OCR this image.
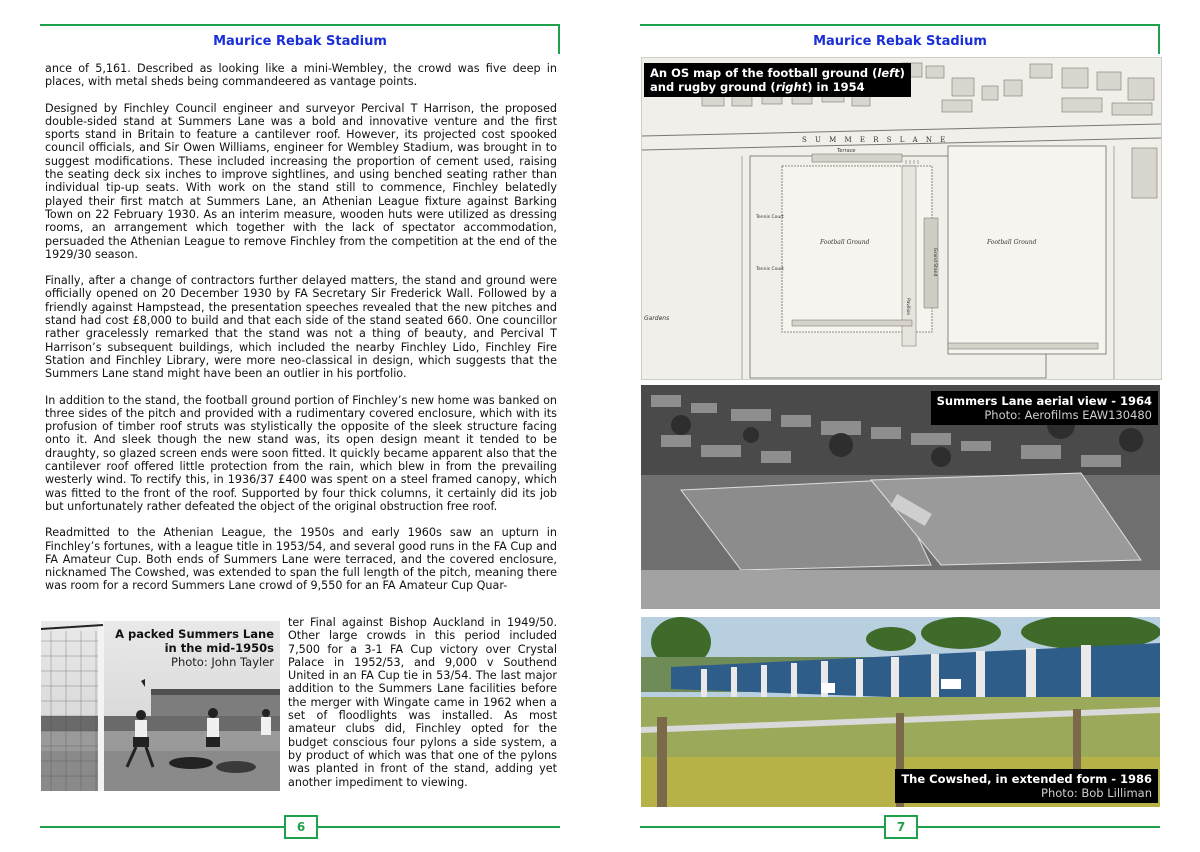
Maurice Rebak Stadium

ance of 5,161. Described as looking like a mini-Wembley, the crowd was five deep in places, with metal sheds being commandeered as vantage points.

Designed by Finchley Council engineer and surveyor Percival T Harrison, the proposed double-sided stand at Summers Lane was a bold and innovative venture and the first sports stand in Britain to feature a cantilever roof. However, its projected cost spooked council officials, and Sir Owen Williams, engineer for Wembley Stadium, was brought in to suggest modifications. These included increasing the proportion of cement used, raising the seating deck six inches to improve sightlines, and using benched seating rather than individual tip-up seats. With work on the stand still to commence, Finchley belatedly played their first match at Summers Lane, an Athenian League fixture against Barking Town on 22 February 1930. As an interim measure, wooden huts were utilized as dressing rooms, an arrangement which together with the lack of spectator accommodation, persuaded the Athenian League to remove Finchley from the competition at the end of the 1929/30 season.

Finally, after a change of contractors further delayed matters, the stand and ground were officially opened on 20 December 1930 by FA Secretary Sir Frederick Wall. Followed by a friendly against Hampstead, the presentation speeches revealed that the new pitches and stand had cost £8,000 to build and that each side of the stand seated 660. One councillor rather gracelessly remarked that the stand was not a thing of beauty, and Percival T Harrison’s subsequent buildings, which included the nearby Finchley Lido, Finchley Fire Station and Finchley Library, were more neo-classical in design, which suggests that the Summers Lane stand might have been an outlier in his portfolio.

In addition to the stand, the football ground portion of Finchley’s new home was banked on three sides of the pitch and provided with a rudimentary covered enclosure, which with its profusion of timber roof struts was stylistically the opposite of the sleek structure facing onto it. And sleek though the new stand was, its open design meant it tended to be draughty, so glazed screen ends were soon fitted. It quickly became apparent also that the cantilever roof offered little protection from the rain, which blew in from the prevailing westerly wind. To rectify this, in 1936/37 £400 was spent on a steel framed canopy, which was fitted to the front of the roof. Supported by four thick columns, it certainly did its job but unfortunately rather defeated the object of the original obstruction free roof.

Readmitted to the Athenian League, the 1950s and early 1960s saw an upturn in Finchley’s fortunes, with a league title in 1953/54, and several good runs in the FA Cup and FA Amateur Cup. Both ends of Summers Lane were terraced, and the covered enclosure, nicknamed The Cowshed, was extended to span the full length of the pitch, meaning there was room for a record Summers Lane crowd of 9,550 for an FA Amateur Cup Quar-

A packed Summers Lane
in the mid-1950s
Photo: John Tayler
ter Final against Bishop Auckland in 1949/50. Other large crowds in this period included 7,500 for a 3-1 FA Cup victory over Crystal Palace in 1952/53, and 9,000 v Southend United in an FA Cup tie in 53/54. The last major addition to the Summers Lane facilities before the merger with Wingate came in 1962 when a set of floodlights was installed. As most amateur clubs did, Finchley opted for the budget conscious four pylons a side system, a by product of which was that one of the pylons was planted in front of the stand, adding yet another impediment to viewing.
6
Maurice Rebak Stadium
S U M M E R S L A N E
Football Ground	Football Ground
Terrace
Grand Stand
Pavilion
Tennis Court
Tennis Court
Gardens
An OS map of the football ground (left)
and rugby ground (right) in 1954
Summers Lane aerial view - 1964
Photo: Aerofilms EAW130480
The Cowshed, in extended form - 1986
Photo: Bob Lilliman
7
